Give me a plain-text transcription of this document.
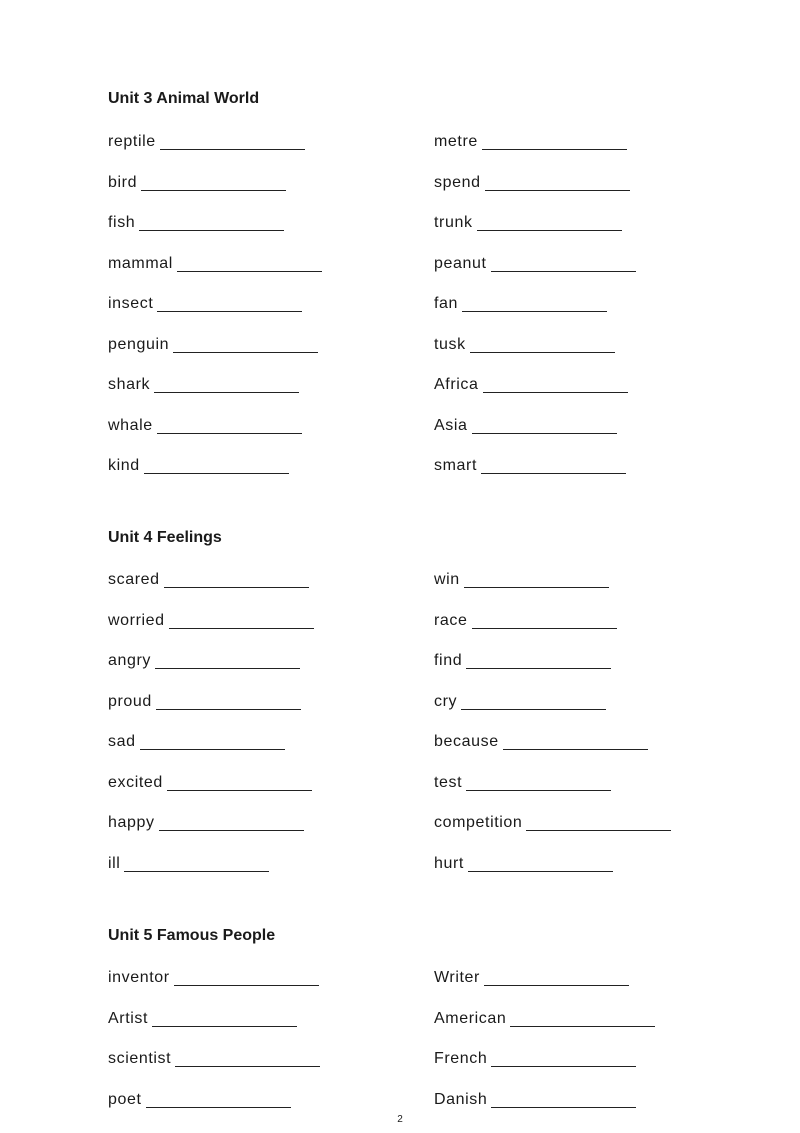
Unit 3 Animal World
reptile
bird
fish
mammal
insect
penguin
shark
whale
kind
metre
spend
trunk
peanut
fan
tusk
Africa
Asia
smart
Unit 4 Feelings
scared
worried
angry
proud
sad
excited
happy
ill
win
race
find
cry
because
test
competition
hurt
Unit 5 Famous People
inventor
Artist
scientist
poet
Writer
American
French
Danish
2
